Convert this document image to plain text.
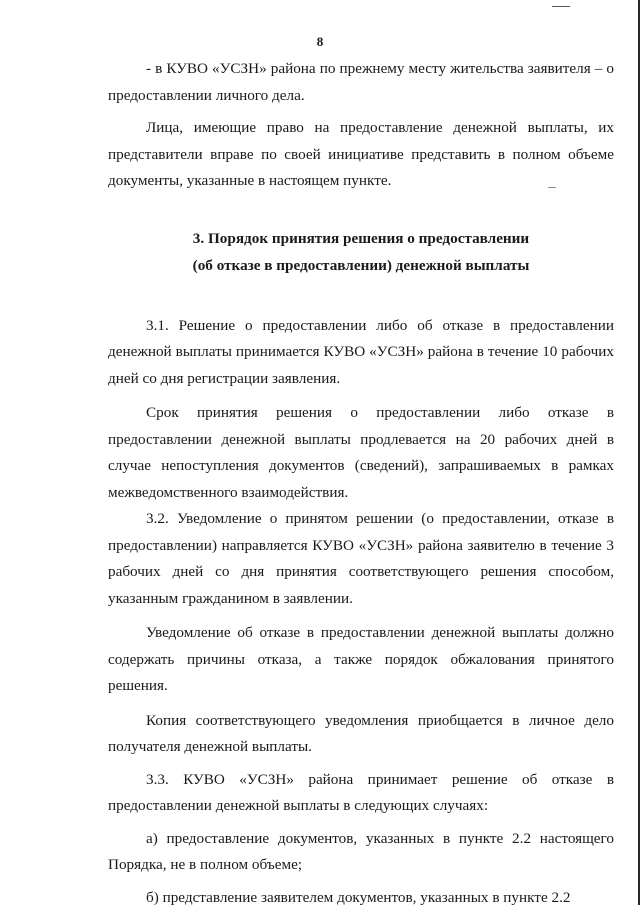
8

- в КУВО «УСЗН» района по прежнему месту жительства заявителя – о предоставлении личного дела.

Лица, имеющие право на предоставление денежной выплаты, их представители вправе по своей инициативе представить в полном объеме документы, указанные в настоящем пункте.

3. Порядок принятия решения о предоставлении
(об отказе в предоставлении) денежной выплаты

3.1. Решение о предоставлении либо об отказе в предоставлении денежной выплаты принимается КУВО «УСЗН» района в течение 10 рабочих дней со дня регистрации заявления.

Срок принятия решения о предоставлении либо отказе в предоставлении денежной выплаты продлевается на 20 рабочих дней в случае непоступления документов (сведений), запрашиваемых в рамках межведомственного взаимодействия.

3.2. Уведомление о принятом решении (о предоставлении, отказе в предоставлении) направляется КУВО «УСЗН» района заявителю в течение 3 рабочих дней со дня принятия соответствующего решения способом, указанным гражданином в заявлении.

Уведомление об отказе в предоставлении денежной выплаты должно содержать причины отказа, а также порядок обжалования принятого решения.

Копия соответствующего уведомления приобщается в личное дело получателя денежной выплаты.

3.3. КУВО «УСЗН» района принимает решение об отказе в предоставлении денежной выплаты в следующих случаях:

а) предоставление документов, указанных в пункте 2.2 настоящего Порядка, не в полном объеме;

б) представление заявителем документов, указанных в пункте 2.2
